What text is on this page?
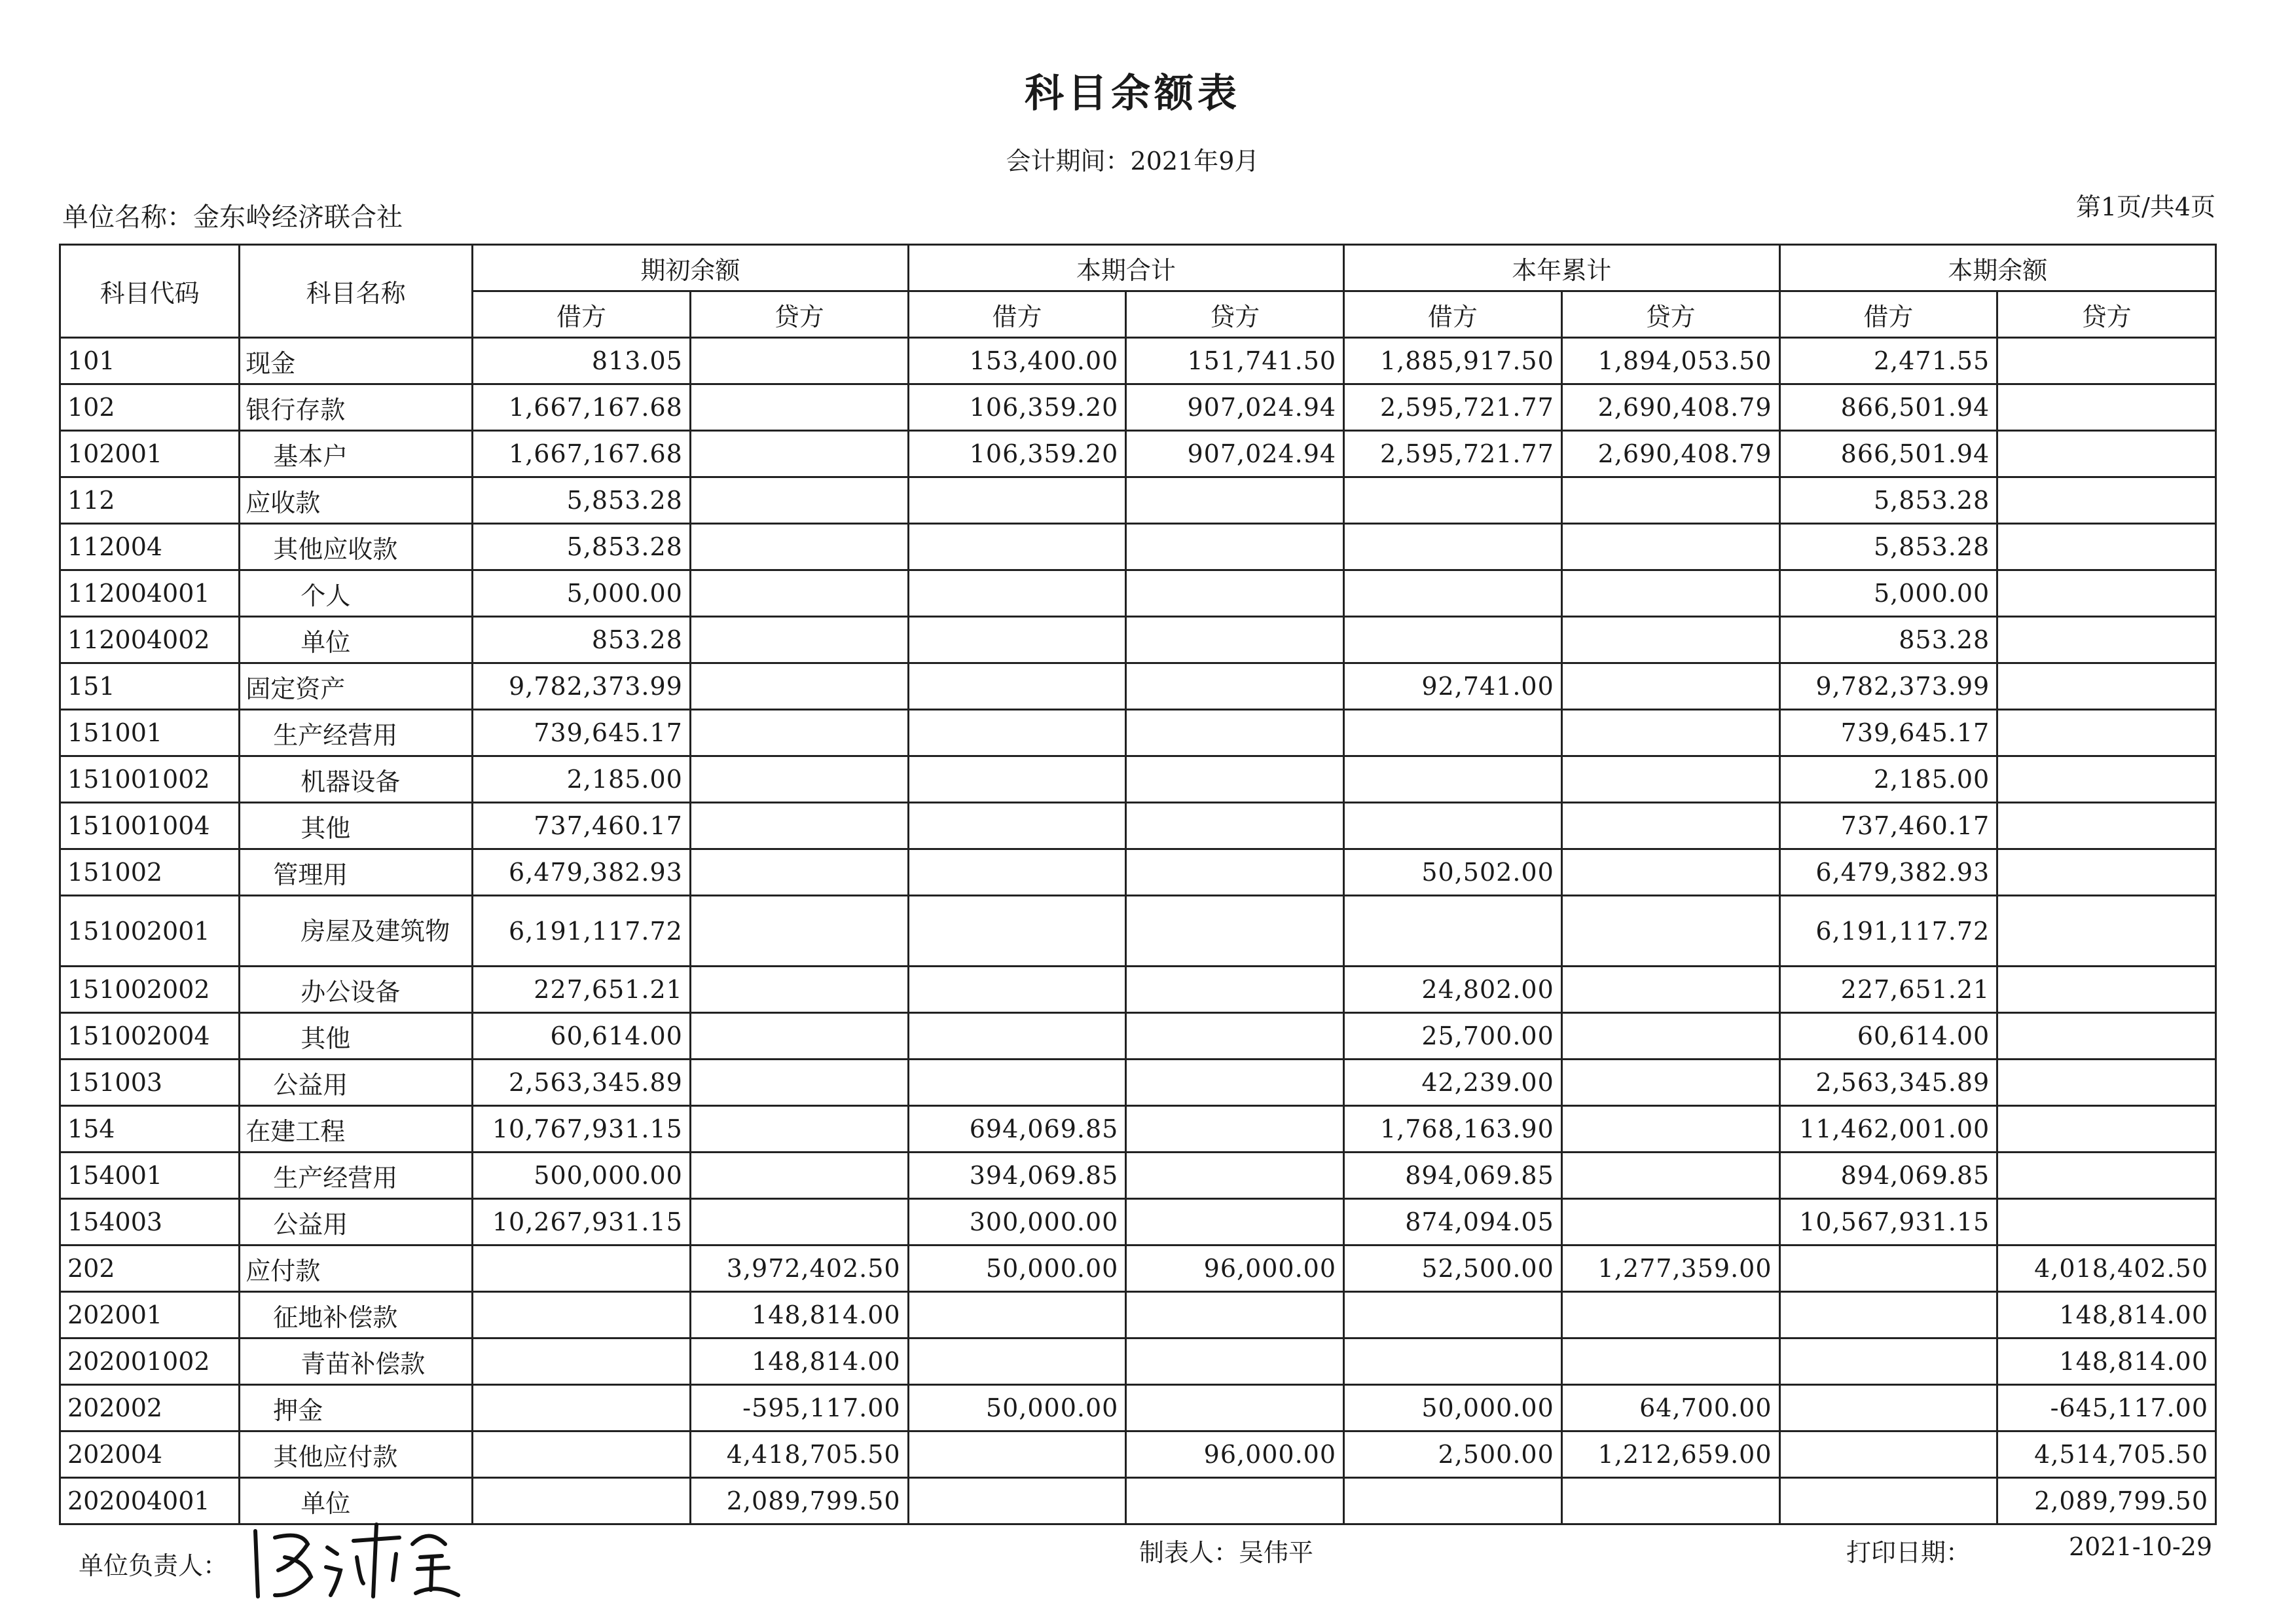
科目余额表
会计期间：2021年9月
单位名称：金东岭经济联合社	第1页/共4页
科目代码	科目名称	期初余额		本期合计		本年累计		本期余额	
		借方	贷方	借方	贷方	借方	贷方	借方	贷方
101	现金	813.05		153,400.00	151,741.50	1,885,917.50	1,894,053.50	2,471.55	
102	银行存款	1,667,167.68		106,359.20	907,024.94	2,595,721.77	2,690,408.79	866,501.94	
102001	基本户	1,667,167.68		106,359.20	907,024.94	2,595,721.77	2,690,408.79	866,501.94	
112	应收款	5,853.28						5,853.28	
112004	其他应收款	5,853.28						5,853.28	
112004001	个人	5,000.00						5,000.00	
112004002	单位	853.28						853.28	
151	固定资产	9,782,373.99				92,741.00		9,782,373.99	
151001	生产经营用	739,645.17						739,645.17	
151001002	机器设备	2,185.00						2,185.00	
151001004	其他	737,460.17						737,460.17	
151002	管理用	6,479,382.93				50,502.00		6,479,382.93	
151002001	房屋及建筑物	6,191,117.72						6,191,117.72	
151002002	办公设备	227,651.21				24,802.00		227,651.21	
151002004	其他	60,614.00				25,700.00		60,614.00	
151003	公益用	2,563,345.89				42,239.00		2,563,345.89	
154	在建工程	10,767,931.15		694,069.85		1,768,163.90		11,462,001.00	
154001	生产经营用	500,000.00		394,069.85		894,069.85		894,069.85	
154003	公益用	10,267,931.15		300,000.00		874,094.05		10,567,931.15	
202	应付款		3,972,402.50	50,000.00	96,000.00	52,500.00	1,277,359.00		4,018,402.50
202001	征地补偿款		148,814.00						148,814.00
202001002	青苗补偿款		148,814.00						148,814.00
202002	押金		-595,117.00	50,000.00		50,000.00	64,700.00		-645,117.00
202004	其他应付款		4,418,705.50		96,000.00	2,500.00	1,212,659.00		4,514,705.50
202004001	单位		2,089,799.50						2,089,799.50
单位负责人：	制表人：吴伟平	打印日期：	2021-10-29
